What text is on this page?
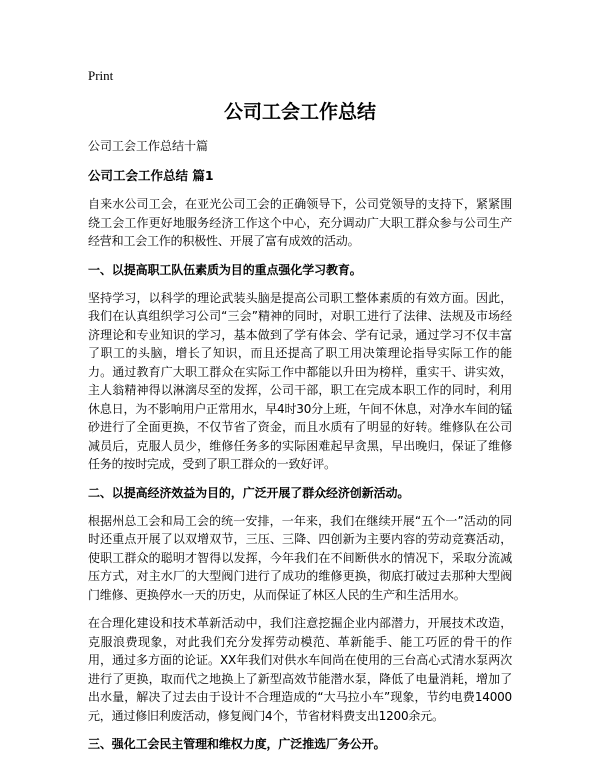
Print
公司工会工作总结
公司工会工作总结十篇
公司工会工作总结 篇1

自来水公司工会，在亚光公司工会的正确领导下，公司党领导的支持下，紧紧围绕工会工作更好地服务经济工作这个中心，充分调动广大职工群众参与公司生产经营和工会工作的积极性、开展了富有成效的活动。

一、以提高职工队伍素质为目的重点强化学习教育。

坚持学习，以科学的理论武装头脑是提高公司职工整体素质的有效方面。因此，我们在认真组织学习公司“三会”精神的同时，对职工进行了法律、法规及市场经济理论和专业知识的学习，基本做到了学有体会、学有记录，通过学习不仅丰富了职工的头脑，增长了知识，而且还提高了职工用决策理论指导实际工作的能力。通过教育广大职工群众在实际工作中都能以升田为榜样，重实干、讲实效，主人翁精神得以淋漓尽至的发挥，公司干部，职工在完成本职工作的同时，利用休息日，为不影响用户正常用水，早4时30分上班，午间不休息，对净水车间的锰砂进行了全面更换，不仅节省了资金，而且水质有了明显的好转。维修队在公司减员后，克服人员少，维修任务多的实际困难起早贪黑，早出晚归，保证了维修任务的按时完成，受到了职工群众的一致好评。

二、以提高经济效益为目的，广泛开展了群众经济创新活动。

根据州总工会和局工会的统一安排，一年来，我们在继续开展“五个一”活动的同时还重点开展了以双增双节，三压、三降、四创新为主要内容的劳动竞赛活动，使职工群众的聪明才智得以发挥，今年我们在不间断供水的情况下，采取分流减压方式，对主水厂的大型阀门进行了成功的维修更换，彻底打破过去那种大型阀门维修、更换停水一天的历史，从而保证了林区人民的生产和生活用水。

在合理化建设和技术革新活动中，我们注意挖掘企业内部潜力，开展技术改造，克服浪费现象，对此我们充分发挥劳动模范、革新能手、能工巧匠的骨干的作用，通过多方面的论证。XX年我们对供水车间尚在使用的三台高心式清水泵两次进行了更换，取而代之地换上了新型高效节能潜水泵，降低了电量消耗，增加了出水量，解决了过去由于设计不合理造成的“大马拉小车”现象，节约电费14000元，通过修旧利废活动，修复阀门4个，节省材料费支出1200余元。

三、强化工会民主管理和维权力度，广泛推选厂务公开。
